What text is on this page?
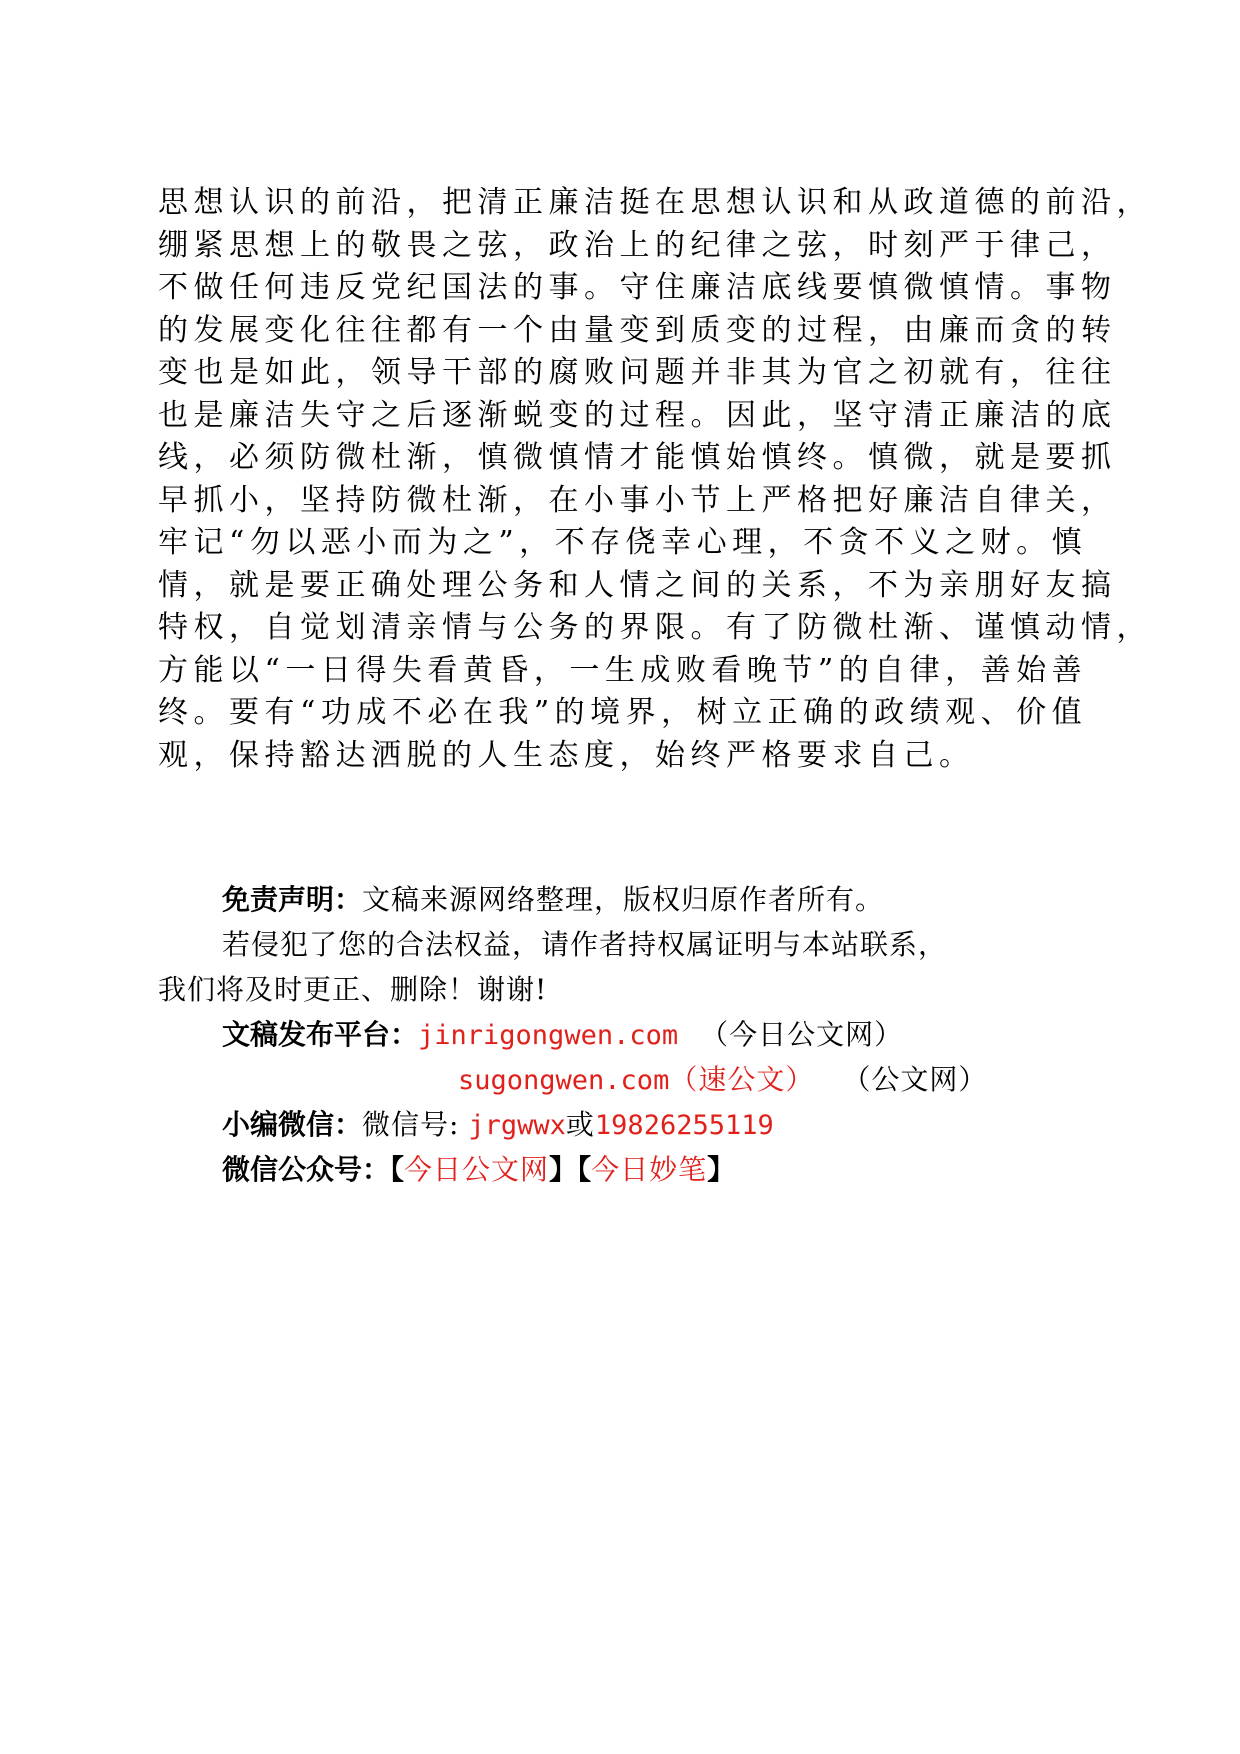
思想认识的前沿，把清正廉洁挺在思想认识和从政道德的前沿，
绷紧思想上的敬畏之弦，政治上的纪律之弦，时刻严于律己，
不做任何违反党纪国法的事。守住廉洁底线要慎微慎情。事物
的发展变化往往都有一个由量变到质变的过程，由廉而贪的转
变也是如此，领导干部的腐败问题并非其为官之初就有，往往
也是廉洁失守之后逐渐蜕变的过程。因此，坚守清正廉洁的底
线，必须防微杜渐，慎微慎情才能慎始慎终。慎微，就是要抓
早抓小，坚持防微杜渐，在小事小节上严格把好廉洁自律关，
牢记“勿以恶小而为之”，不存侥幸心理，不贪不义之财。慎
情，就是要正确处理公务和人情之间的关系，不为亲朋好友搞
特权，自觉划清亲情与公务的界限。有了防微杜渐、谨慎动情，
方能以“一日得失看黄昏，一生成败看晚节”的自律，善始善
终。要有“功成不必在我”的境界，树立正确的政绩观、价值
观，保持豁达洒脱的人生态度，始终严格要求自己。
免责声明：文稿来源网络整理，版权归原作者所有。
若侵犯了您的合法权益，请作者持权属证明与本站联系，
我们将及时更正、删除！谢谢!
文稿发布平台：jinrigongwen.com （今日公文网）
sugongwen.com（速公文） （公文网）
小编微信：微信号: jrgwwx或19826255119
微信公众号：【今日公文网】【今日妙笔】
